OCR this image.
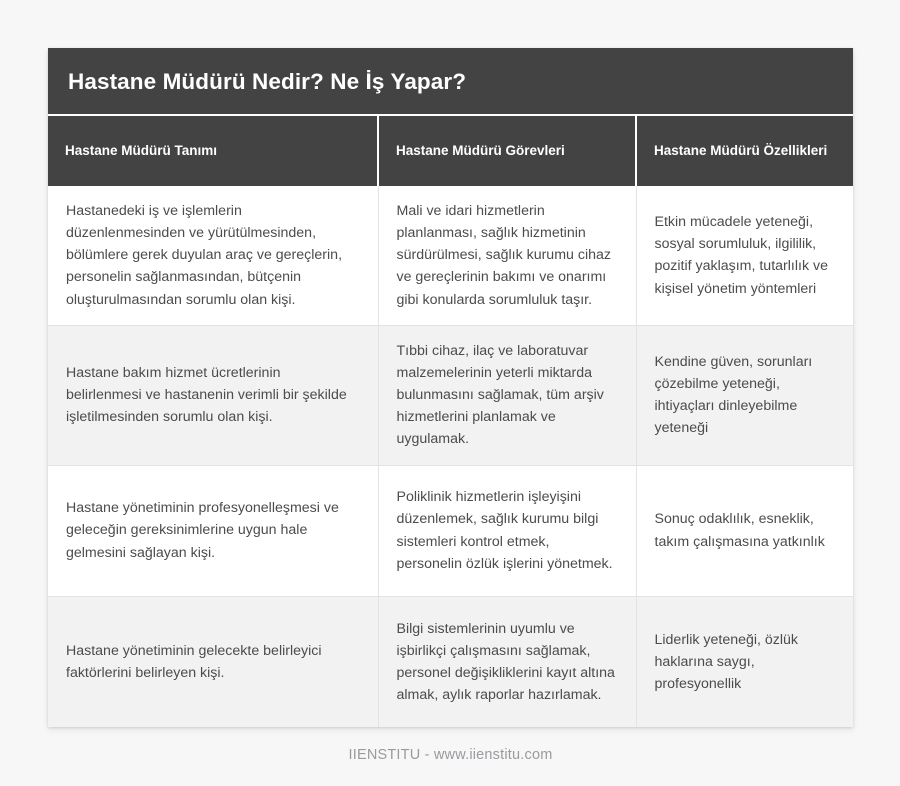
Hastane Müdürü Nedir? Ne İş Yapar?
Hastane Müdürü Tanımı	Hastane Müdürü Görevleri	Hastane Müdürü Özellikleri
Hastanedeki iş ve işlemlerin düzenlenmesinden ve yürütülmesinden, bölümlere gerek duyulan araç ve gereçlerin, personelin sağlanmasından, bütçenin oluşturulmasından sorumlu olan kişi.	Mali ve idari hizmetlerin planlanması, sağlık hizmetinin sürdürülmesi, sağlık kurumu cihaz ve gereçlerinin bakımı ve onarımı gibi konularda sorumluluk taşır.	Etkin mücadele yeteneği, sosyal sorumluluk, ilgililik, pozitif yaklaşım, tutarlılık ve kişisel yönetim yöntemleri
Hastane bakım hizmet ücretlerinin belirlenmesi ve hastanenin verimli bir şekilde işletilmesinden sorumlu olan kişi.	Tıbbi cihaz, ilaç ve laboratuvar malzemelerinin yeterli miktarda bulunmasını sağlamak, tüm arşiv hizmetlerini planlamak ve uygulamak.	Kendine güven, sorunları çözebilme yeteneği, ihtiyaçları dinleyebilme yeteneği
Hastane yönetiminin profesyonelleşmesi ve geleceğin gereksinimlerine uygun hale gelmesini sağlayan kişi.	Poliklinik hizmetlerin işleyişini düzenlemek, sağlık kurumu bilgi sistemleri kontrol etmek, personelin özlük işlerini yönetmek.	Sonuç odaklılık, esneklik, takım çalışmasına yatkınlık
Hastane yönetiminin gelecekte belirleyici faktörlerini belirleyen kişi.	Bilgi sistemlerinin uyumlu ve işbirlikçi çalışmasını sağlamak, personel değişikliklerini kayıt altına almak, aylık raporlar hazırlamak.	Liderlik yeteneği, özlük haklarına saygı, profesyonellik
IIENSTITU - www.iienstitu.com
